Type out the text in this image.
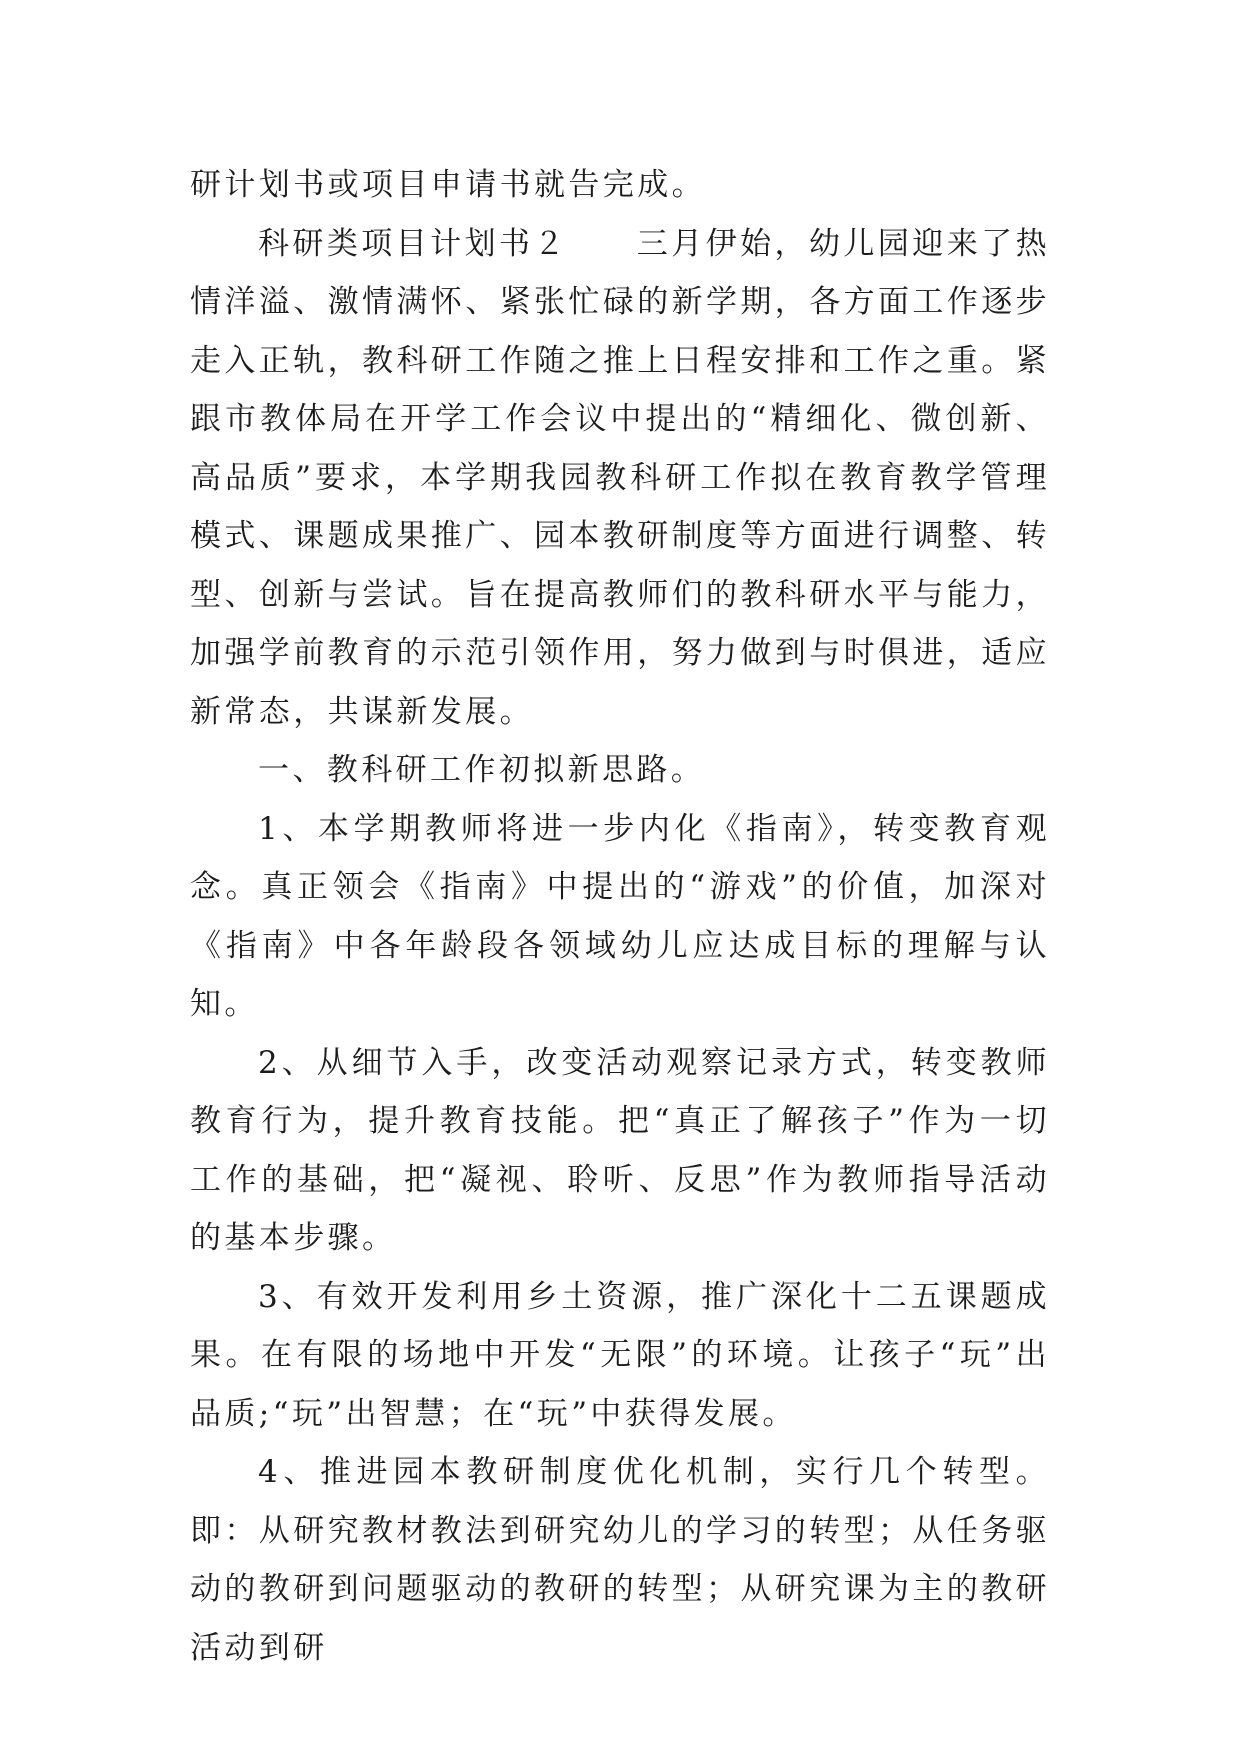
研计划书或项目申请书就告完成。

科研类项目计划书２　　三月伊始，幼儿园迎来了热情洋溢、激情满怀、紧张忙碌的新学期，各方面工作逐步走入正轨，教科研工作随之推上日程安排和工作之重。紧跟市教体局在开学工作会议中提出的“精细化、微创新、高品质”要求，本学期我园教科研工作拟在教育教学管理模式、课题成果推广、园本教研制度等方面进行调整、转型、创新与尝试。旨在提高教师们的教科研水平与能力，加强学前教育的示范引领作用，努力做到与时俱进，适应新常态，共谋新发展。

一、教科研工作初拟新思路。

1、本学期教师将进一步内化《指南》，转变教育观念。真正领会《指南》中提出的“游戏”的价值，加深对《指南》中各年龄段各领域幼儿应达成目标的理解与认知。

2、从细节入手，改变活动观察记录方式，转变教师教育行为，提升教育技能。把“真正了解孩子”作为一切工作的基础，把“凝视、聆听、反思”作为教师指导活动的基本步骤。

3、有效开发利用乡土资源，推广深化十二五课题成果。在有限的场地中开发“无限”的环境。让孩子“玩”出品质;“玩”出智慧；在“玩”中获得发展。

4、推进园本教研制度优化机制，实行几个转型。即：从研究教材教法到研究幼儿的学习的转型；从任务驱动的教研到问题驱动的教研的转型；从研究课为主的教研活动到研
